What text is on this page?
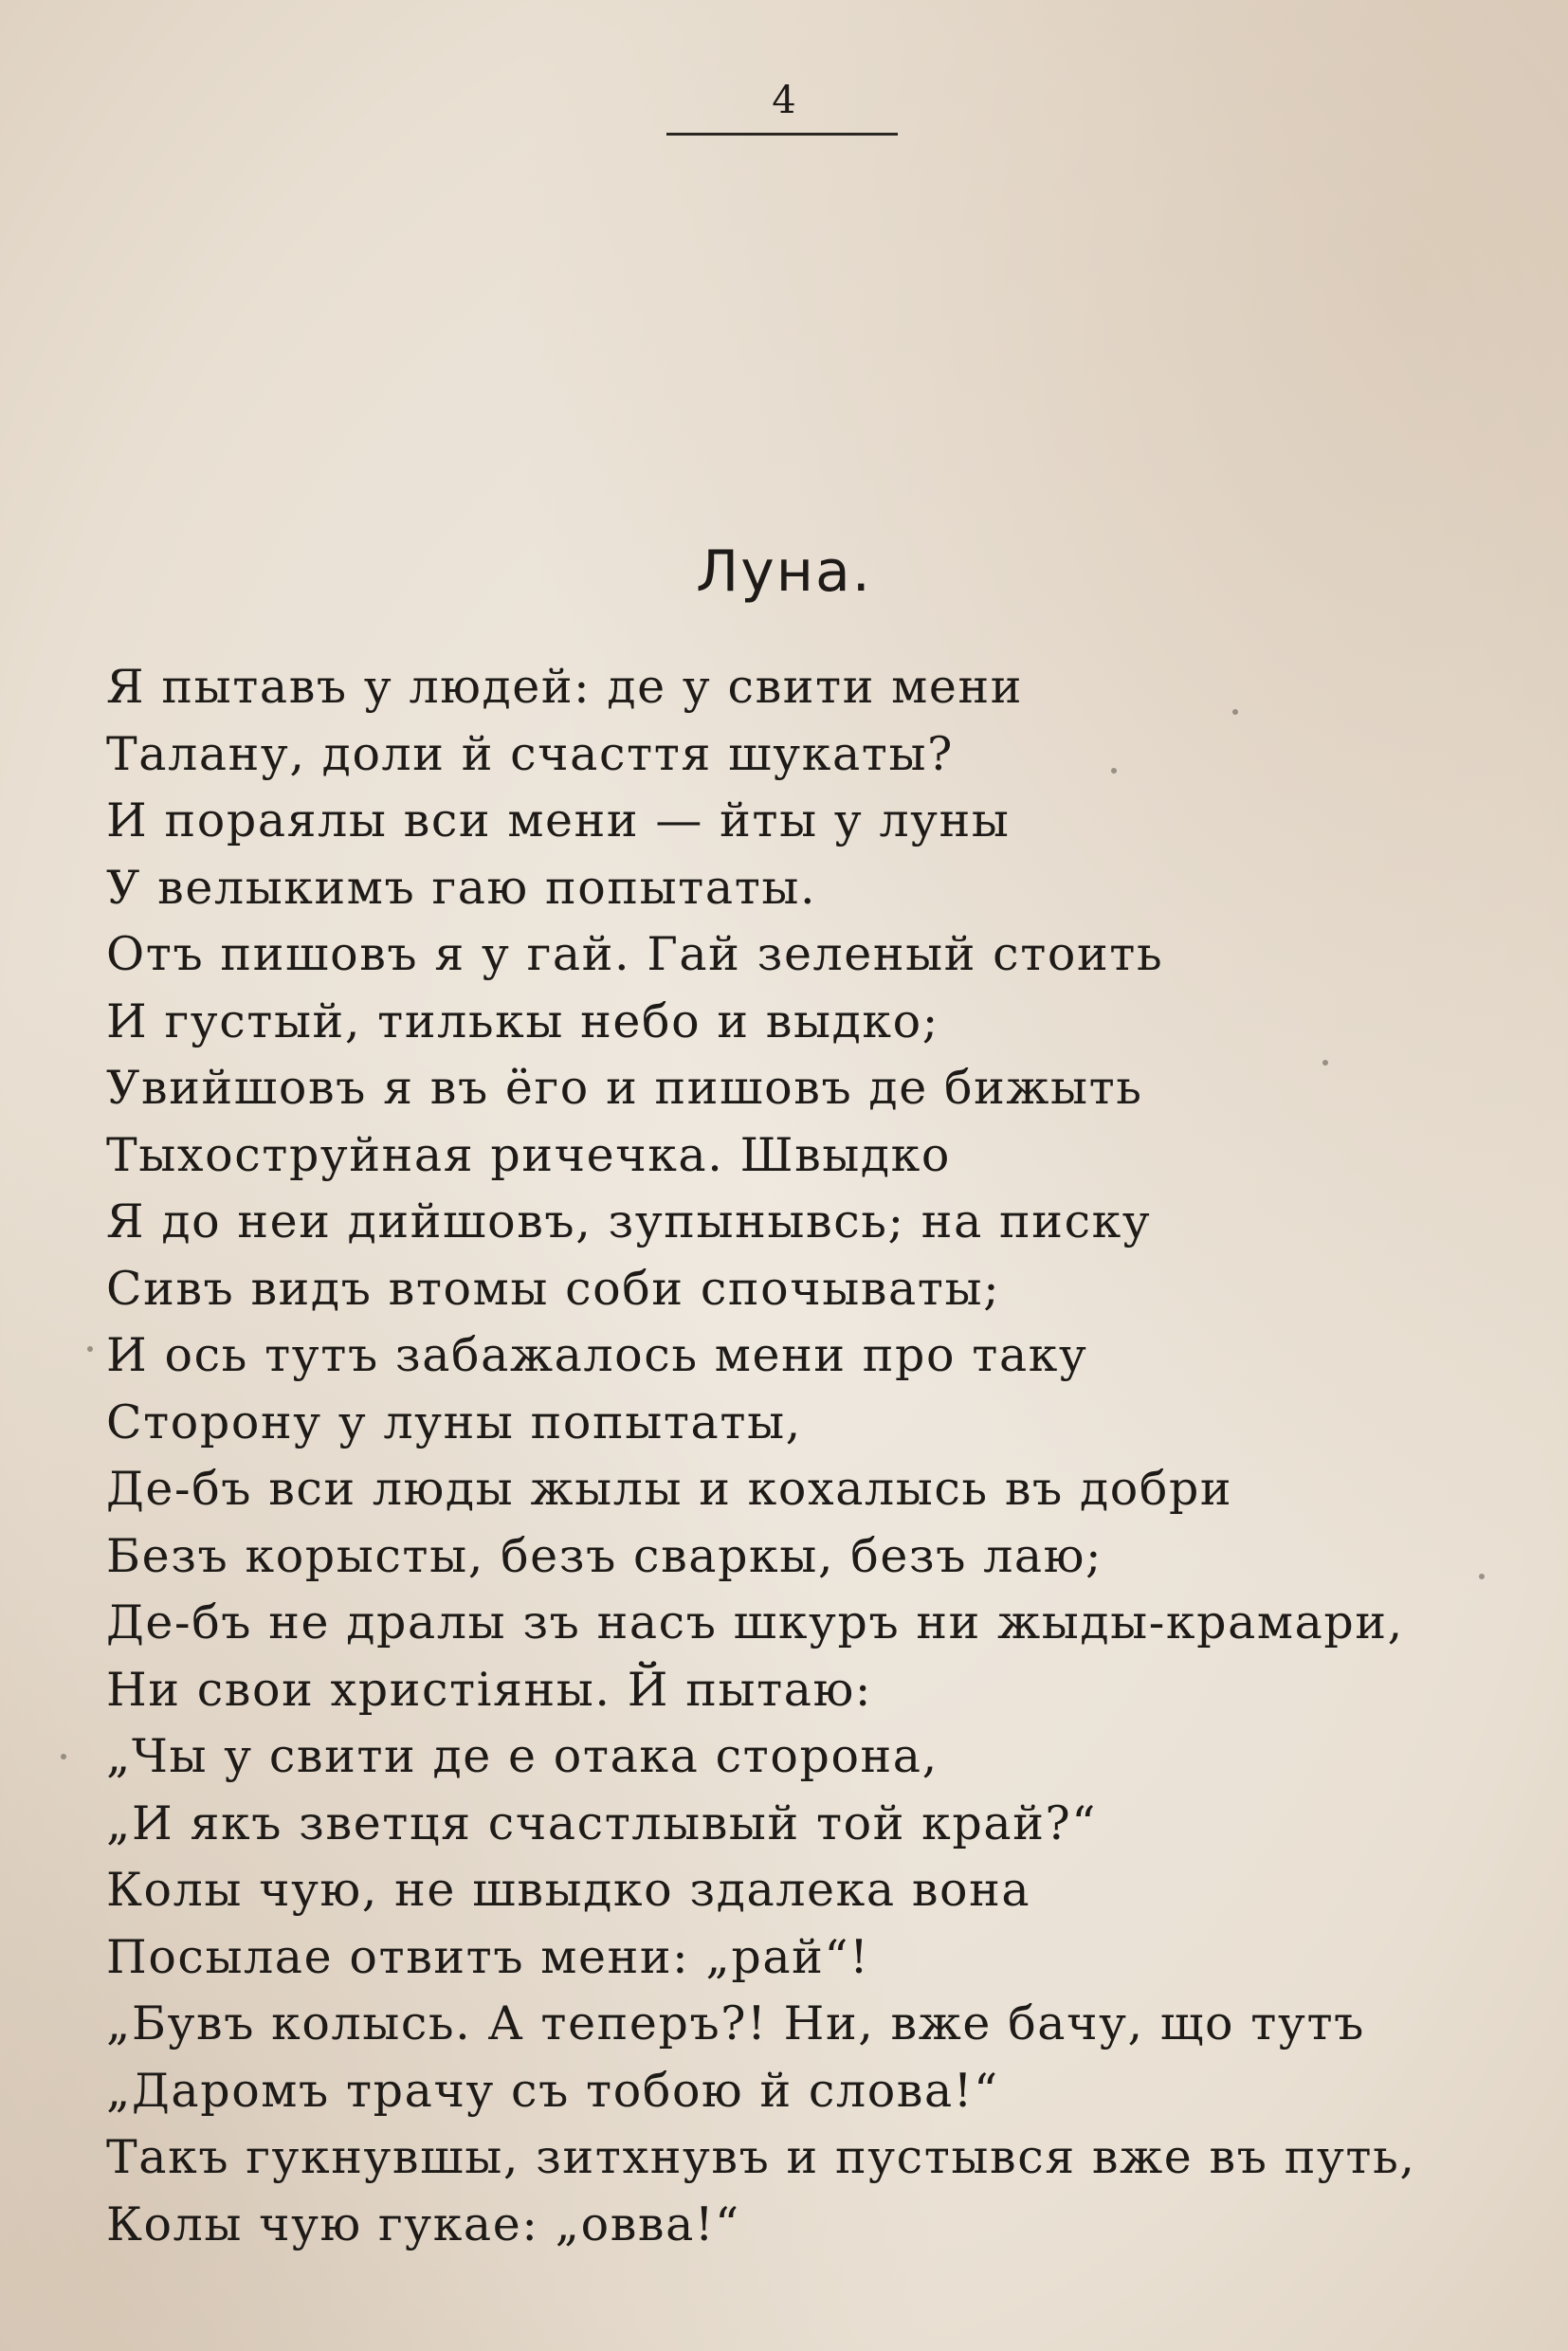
4
Луна.
Я пытавъ у людей: де у свити мени
Талану, доли й счасття шукаты?
И порaялы вси мени — йты у луны
У велыкимъ гаю попытаты.
Отъ пишовъ я у гай. Гай зеленый стоить
И густый, тилькы небо и выдко;
Увийшовъ я въ ёго и пишовъ де бижыть
Тыхоструйная ричечка. Швыдко
Я до неи дийшовъ, зупынывсь; на писку
Сивъ видъ втомы соби спочываты;
И ось тутъ забажалось мени про таку
Сторону у луны попытаты,
Де-бъ вси люды жылы и кохалысь въ добри
Безъ корысты, безъ сваркы, безъ лаю;
Де-бъ не дралы зъ насъ шкуръ ни жыды-крамари,
Ни свои христіяны. Й пытаю:
„Чы у свити де е отака сторона,
„И якъ зветця счастлывый той край?“
Колы чую, не швыдко здалека вона
Посылае отвитъ мени: „рай“!
„Бувъ колысь. А теперъ?! Ни, вже бачу, що тутъ
„Даромъ трачу съ тобою й слова!“
Такъ гукнувшы, зитхнувъ и пустывся вже въ путь,
Колы чую гукае: „овва!“
